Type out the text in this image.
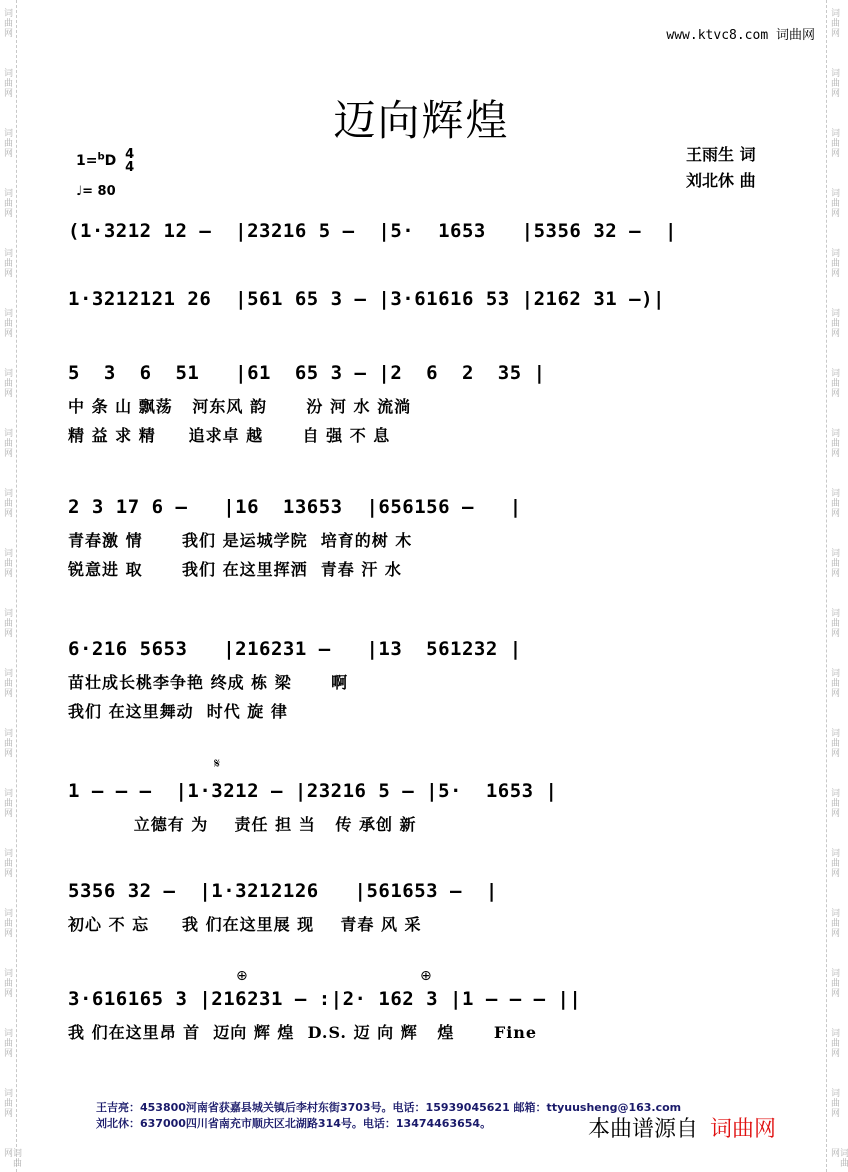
词曲网
词曲网
词曲网
词曲网
词曲网
词曲网
词曲网
词曲网
词曲网
词曲网
词曲网
词曲网
词曲网
词曲网
词曲网
词曲网
词曲网
词曲网
词曲网
词曲网
词曲网
词曲网
词曲网
词曲网
词曲网
词曲网
词曲网
词曲网
词曲网
词曲网
词曲网
词曲网
词曲网
词曲网
词曲网
词曲网
词曲网
词曲网
词曲网
词曲网
www.ktvc8.com 词曲网
迈向辉煌
1=$^b$D 4
4
♩= 80
王雨生 词
刘北休 曲
(1·3212 12 –  |23216 5 –  |5·  1653   |5356 32 –  |
1·3212121 26  |561 65 3 – |3·61616 53 |2162 31 –)|
5  3  6  51   |61  65 3 – |2  6  2  35 |
中 条 山 飘荡   河东风 韵      汾 河 水 流淌
精 益 求 精     追求卓 越      自 强 不 息
2 3 17 6 –   |16  13653  |656156 –   |
青春激 情      我们 是运城学院  培育的树 木
锐意进 取      我们 在这里挥洒  青春 汗 水
6·216 5653   |216231 –   |13  561232 |
苗壮成长桃李争艳 终成 栋 梁      啊
我们 在这里舞动  时代 旋 律
1 – – –  |1·3212 – |23216 5 – |5·  1653 |
立德有 为    责任 担 当   传 承创 新
5356 32 –  |1·3212126   |561653 –  |
初心 不 忘     我 们在这里展 现    青春 风 采
3·616165 3 |216231 – :|2· 162 3 |1 – – – ||
我 们在这里昂 首  迈向 辉 煌  D.S. 迈 向 辉   煌      Fine
𝄋
⊕	⊕
王吉亮：453800河南省获嘉县城关镇后李村东街3703号。电话：15939045621 邮箱：ttyuusheng@163.com
刘北休：637000四川省南充市顺庆区北湖路314号。电话：13474463654。	本曲谱源自 词曲网
